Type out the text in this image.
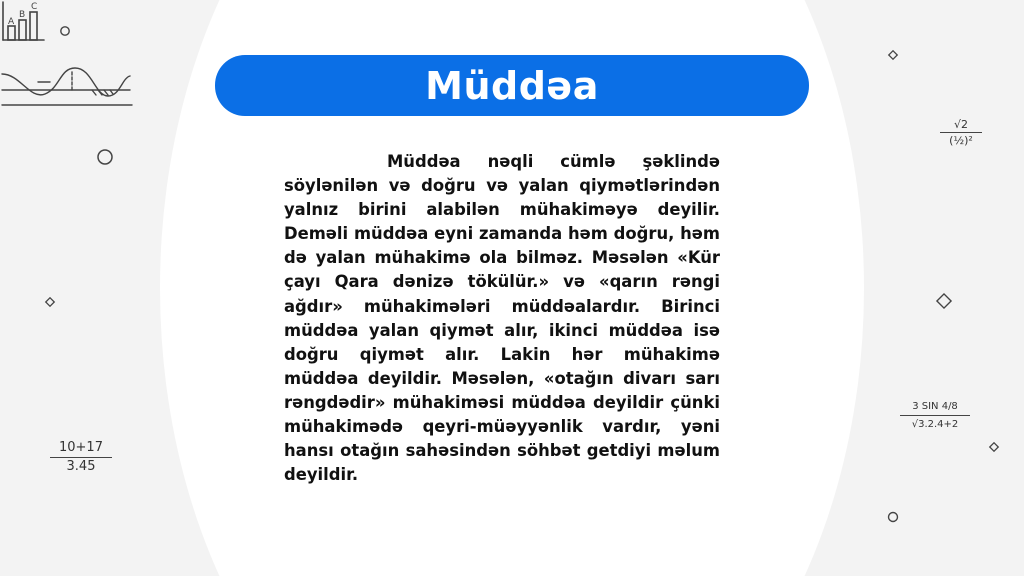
A
B
C
10+17
3.45
√2
(½)²
3 SIN 4/8
√3.2.4+2
Müddəa

Müddəa nəqli cümlə şəklində söylənilən və doğru və yalan qiymətlərindən yalnız birini alabilən mühakiməyə deyilir. Deməli müddəa eyni zamanda həm doğru, həm də yalan mühakimə ola bilməz. Məsələn «Kür çayı Qara dənizə tökülür.» və «qarın rəngi ağdır» mühakimələri müddəalardır. Birinci müddəa yalan qiymət alır, ikinci müddəa isə doğru qiymət alır. Lakin hər mühakimə müddəa deyildir. Məsələn, «otağın divarı sarı rəngdədir» mühakiməsi müddəa deyildir çünki mühakimədə qeyri-müəyyənlik vardır, yəni hansı otağın sahəsindən söhbət getdiyi məlum deyildir.
